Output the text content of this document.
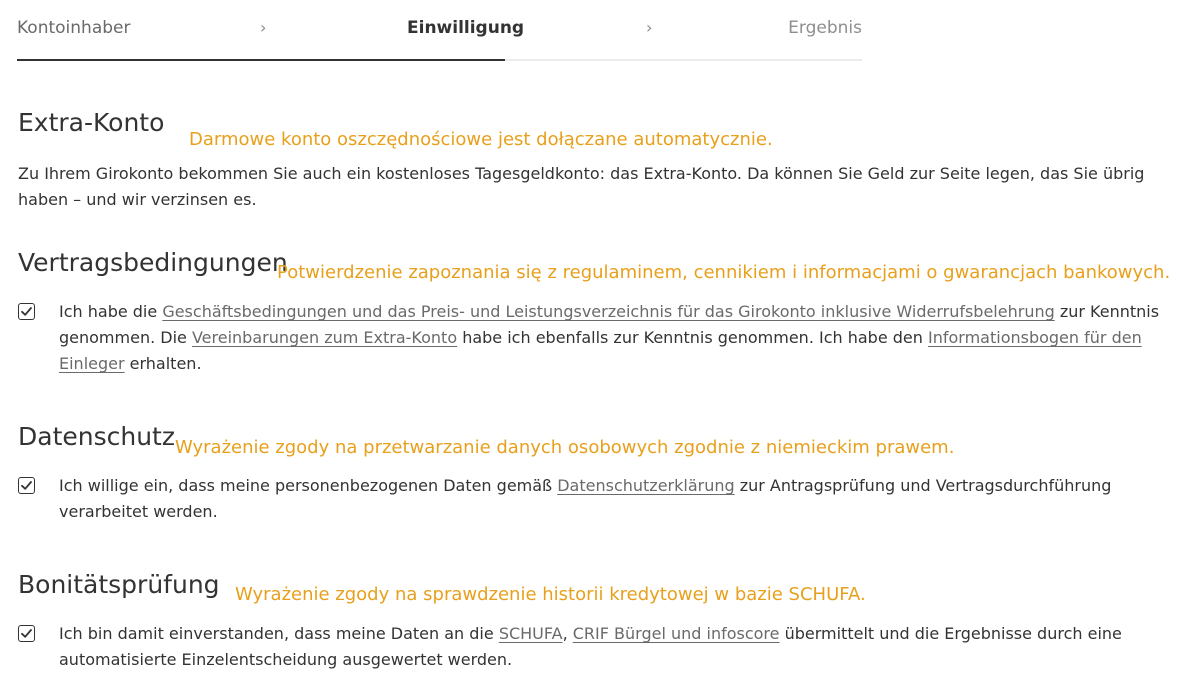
Kontoinhaber	›	Einwilligung	›	Ergebnis
Extra-Konto
Darmowe konto oszczędnościowe jest dołączane automatycznie.
Zu Ihrem Girokonto bekommen Sie auch ein kostenloses Tagesgeldkonto: das Extra-Konto. Da können Sie Geld zur Seite legen, das Sie übrig haben – und wir verzinsen es.
Vertragsbedingungen
Potwierdzenie zapoznania się z regulaminem, cennikiem i informacjami o gwarancjach bankowych.
Ich habe die Geschäftsbedingungen und das Preis- und Leistungsverzeichnis für das Girokonto inklusive Widerrufsbelehrung zur Kenntnis genommen. Die Vereinbarungen zum Extra-Konto habe ich ebenfalls zur Kenntnis genommen. Ich habe den Informationsbogen für den Einleger erhalten.
Datenschutz Wyrażenie zgody na przetwarzanie danych osobowych zgodnie z niemieckim prawem.
Ich willige ein, dass meine personenbezogenen Daten gemäß Datenschutzerklärung zur Antragsprüfung und Vertragsdurchführung verarbeitet werden.
Bonitätsprüfung Wyrażenie zgody na sprawdzenie historii kredytowej w bazie SCHUFA.
Ich bin damit einverstanden, dass meine Daten an die SCHUFA, CRIF Bürgel und infoscore übermittelt und die Ergebnisse durch eine automatisierte Einzelentscheidung ausgewertet werden.
